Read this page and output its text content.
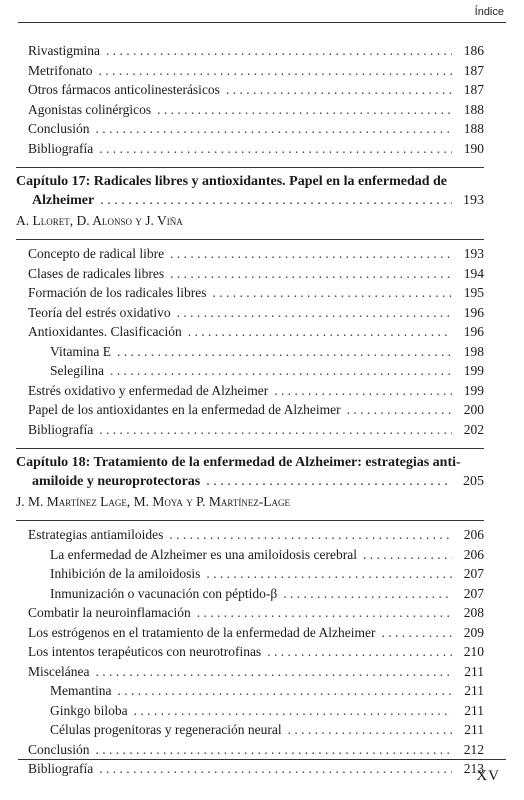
Índice
Rivastigmina . . .	186
Metrifonato . . .	187
Otros fármacos anticolinesterásicos . . .	187
Agonistas colinérgicos . . .	188
Conclusión . . .	188
Bibliografía . . .	190
Capítulo 17: Radicales libres y antioxidantes. Papel en la enfermedad de
Alzheimer . . .	193
A. Lloret, D. Alonso y J. Viña
Concepto de radical libre . . .	193
Clases de radicales libres . . .	194
Formación de los radicales libres . . .	195
Teoría del estrés oxidativo . . .	196
Antioxidantes. Clasificación . . .	196
Vitamina E . . .	198
Selegilina . . .	199
Estrés oxidativo y enfermedad de Alzheimer . . .	199
Papel de los antioxidantes en la enfermedad de Alzheimer . . .	200
Bibliografía . . .	202
Capítulo 18: Tratamiento de la enfermedad de Alzheimer: estrategias anti-
amiloide y neuroprotectoras . . .	205
J. M. Martínez Lage, M. Moya y P. Martínez-Lage
Estrategias antiamiloides . . .	206
La enfermedad de Alzheimer es una amiloidosis cerebral . . .	206
Inhibición de la amiloidosis . . .	207
Inmunización o vacunación con péptido-β . . .	207
Combatir la neuroinflamación . . .	208
Los estrógenos en el tratamiento de la enfermedad de Alzheimer . . .	209
Los intentos terapéuticos con neurotrofinas . . .	210
Miscelánea . . .	211
Memantina . . .	211
Ginkgo biloba . . .	211
Células progenitoras y regeneración neural . . .	211
Conclusión . . .	212
Bibliografía . . .	213
XV
